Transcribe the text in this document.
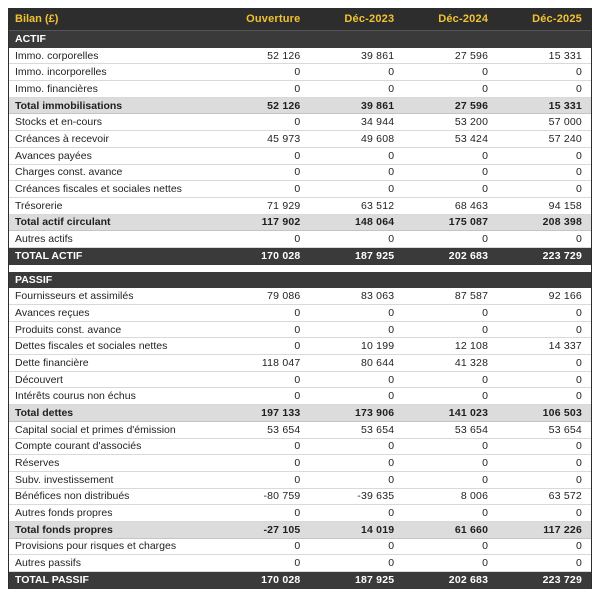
Bilan (£)	Ouverture	Déc-2023	Déc-2024	Déc-2025
ACTIF
Immo. corporelles	52 126	39 861	27 596	15 331
Immo. incorporelles	0	0	0	0
Immo. financières	0	0	0	0
Total immobilisations	52 126	39 861	27 596	15 331
Stocks et en-cours	0	34 944	53 200	57 000
Créances à recevoir	45 973	49 608	53 424	57 240
Avances payées	0	0	0	0
Charges const. avance	0	0	0	0
Créances fiscales et sociales nettes	0	0	0	0
Trésorerie	71 929	63 512	68 463	94 158
Total actif circulant	117 902	148 064	175 087	208 398
Autres actifs	0	0	0	0
TOTAL ACTIF	170 028	187 925	202 683	223 729
PASSIF
Fournisseurs et assimilés	79 086	83 063	87 587	92 166
Avances reçues	0	0	0	0
Produits const. avance	0	0	0	0
Dettes fiscales et sociales nettes	0	10 199	12 108	14 337
Dette financière	118 047	80 644	41 328	0
Découvert	0	0	0	0
Intérêts courus non échus	0	0	0	0
Total dettes	197 133	173 906	141 023	106 503
Capital social et primes d'émission	53 654	53 654	53 654	53 654
Compte courant d'associés	0	0	0	0
Réserves	0	0	0	0
Subv. investissement	0	0	0	0
Bénéfices non distribués	-80 759	-39 635	8 006	63 572
Autres fonds propres	0	0	0	0
Total fonds propres	-27 105	14 019	61 660	117 226
Provisions pour risques et charges	0	0	0	0
Autres passifs	0	0	0	0
TOTAL PASSIF	170 028	187 925	202 683	223 729
